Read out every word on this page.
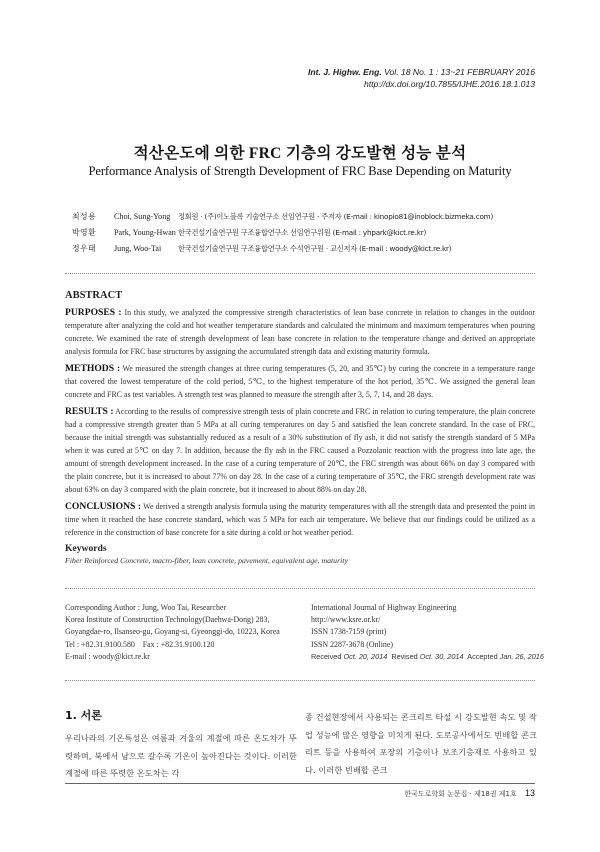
Int. J. Highw. Eng. Vol. 18 No. 1 : 13~21 FEBRUARY 2016
http://dx.doi.org/10.7855/IJHE.2016.18.1.013
적산온도에 의한 FRC 기층의 강도발현 성능 분석
Performance Analysis of Strength Development of FRC Base Depending on Maturity
최성용	Choi, Sung-Yong	정회원 · (주)이노블록 기술연구소 선임연구원 · 주저자 (E-mail : kinopio81@inoblock.bizmeka.com)
박영환	Park, Young-Hwan 한국건설기술연구원 구조융합연구소 선임연구위원 (E-mail : yhpark@kict.re.kr)
정우태	Jung, Woo-Tai	한국건설기술연구원 구조융합연구소 수석연구원 · 교신저자 (E-mail : woody@kict.re.kr)
ABSTRACT
PURPOSES : In this study, we analyzed the compressive strength characteristics of lean base concrete in relation to changes in the outdoor temperature after analyzing the cold and hot weather temperature standards and calculated the minimum and maximum temperatures when pouring concrete. We examined the rate of strength development of lean base concrete in relation to the temperature change and derived an appropriate analysis formula for FRC base structures by assigning the accumulated strength data and existing maturity formula.
METHODS : We measured the strength changes at three curing temperatures (5, 20, and 35℃) by curing the concrete in a temperature range that covered the lowest temperature of the cold period, 5℃, to the highest temperature of the hot period, 35℃. We assigned the general lean concrete and FRC as test variables. A strength test was planned to measure the strength after 3, 5, 7, 14, and 28 days.
RESULTS : According to the results of compressive strength tests of plain concrete and FRC in relation to curing temperature, the plain concrete had a compressive strength greater than 5 MPa at all curing temperatures on day 5 and satisfied the lean concrete standard. In the case of FRC, because the initial strength was substantially reduced as a result of a 30% substitution of fly ash, it did not satisfy the strength standard of 5 MPa when it was cured at 5℃ on day 7. In addition, because the fly ash in the FRC caused a Pozzolanic reaction with the progress into late age, the amount of strength development increased. In the case of a curing temperature of 20℃, the FRC strength was about 66% on day 3 compared with the plain concrete, but it is increased to about 77% on day 28. In the case of a curing temperature of 35℃, the FRC strength development rate was about 63% on day 3 compared with the plain concrete, but it increased to about 88% on day 28.
CONCLUSIONS : We derived a strength analysis formula using the maturity temperatures with all the strength data and presented the point in time when it reached the base concrete standard, which was 5 MPa for each air temperature. We believe that our findings could be utilized as a reference in the construction of base concrete for a site during a cold or hot weather period.
Keywords
Fiber Reinforced Concrete, macro-fiber, lean concrete, pavement, equivalent age, maturity
Corresponding Author : Jung, Woo Tai, Researcher
Korea Institute of Construction Technology(Daehwa-Dong) 283,
Goyangdae-ro, Ilsanseo-gu, Goyang-si, Gyeonggi-do, 10223, Korea
Tel : +82.31.9100.580    Fax : +82.31.9100.120
E-mail : woody@kict.re.kr
International Journal of Highway Engineering
http://www.ksre.or.kr/
ISSN 1738-7159 (print)
ISSN 2287-3678 (Online)
Received Oct. 20, 2014 Revised Oct. 30, 2014 Accepted Jan. 26, 2016
1. 서론
우리나라의 기온특성은 여름과 겨울의 계절에 따른 온도차가 뚜렷하며, 북에서 남으로 갈수록 기온이 높아진다는 것이다. 이러한 계절에 따른 뚜렷한 온도차는 각
종 건설현장에서 사용되는 콘크리트 타설 시 강도발현 속도 및 작업 성능에 많은 영향을 미치게 된다. 도로공사에서도 빈배합 콘크리트 등을 사용하여 포장의 기층이나 보조기층재로 사용하고 있다. 이러한 빈배합 콘크
한국도로학회 논문집 · 제18권 제1호 13
